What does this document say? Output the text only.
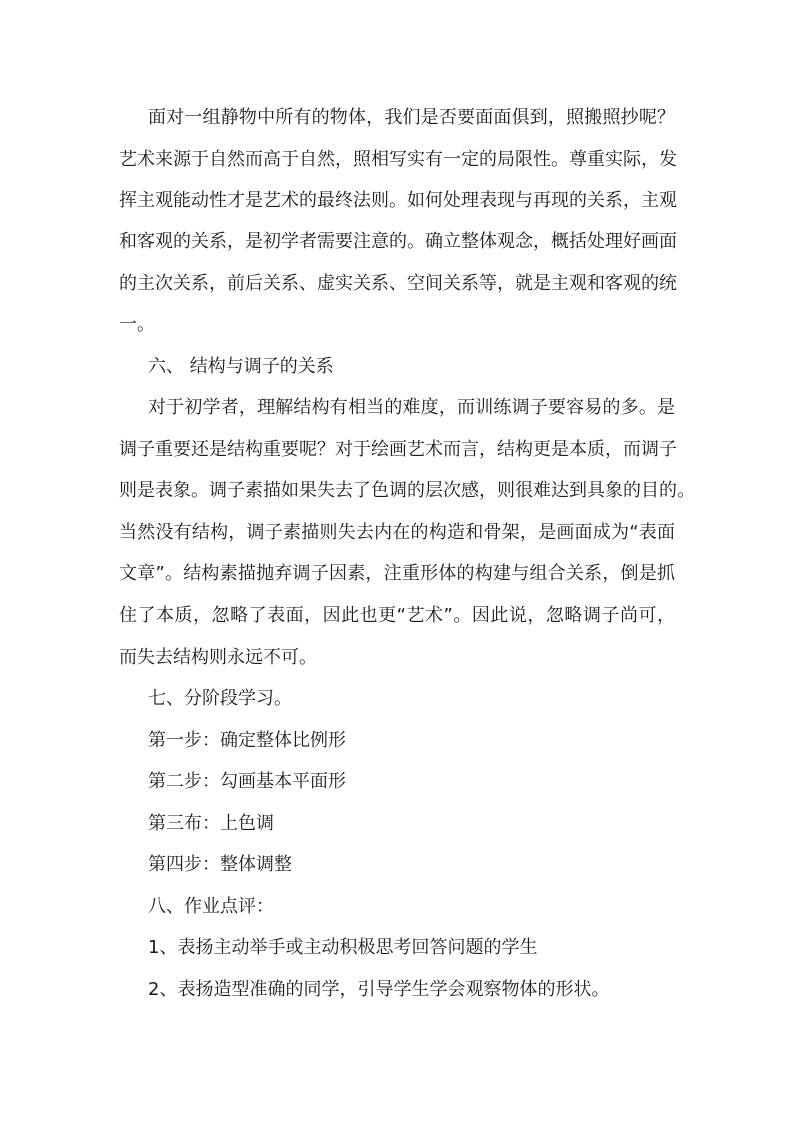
面对一组静物中所有的物体，我们是否要面面俱到，照搬照抄呢？
艺术来源于自然而高于自然，照相写实有一定的局限性。尊重实际，发
挥主观能动性才是艺术的最终法则。如何处理表现与再现的关系，主观
和客观的关系，是初学者需要注意的。确立整体观念，概括处理好画面
的主次关系，前后关系、虚实关系、空间关系等，就是主观和客观的统
一。
六、 结构与调子的关系
对于初学者，理解结构有相当的难度，而训练调子要容易的多。是
调子重要还是结构重要呢？对于绘画艺术而言，结构更是本质，而调子
则是表象。调子素描如果失去了色调的层次感，则很难达到具象的目的。
当然没有结构，调子素描则失去内在的构造和骨架，是画面成为“表面
文章”。结构素描抛弃调子因素，注重形体的构建与组合关系，倒是抓
住了本质，忽略了表面，因此也更“艺术”。因此说，忽略调子尚可，
而失去结构则永远不可。
七、分阶段学习。
第一步：确定整体比例形
第二步：勾画基本平面形
第三布：上色调
第四步：整体调整
八、作业点评：
1、表扬主动举手或主动积极思考回答问题的学生
2、表扬造型准确的同学，引导学生学会观察物体的形状。
